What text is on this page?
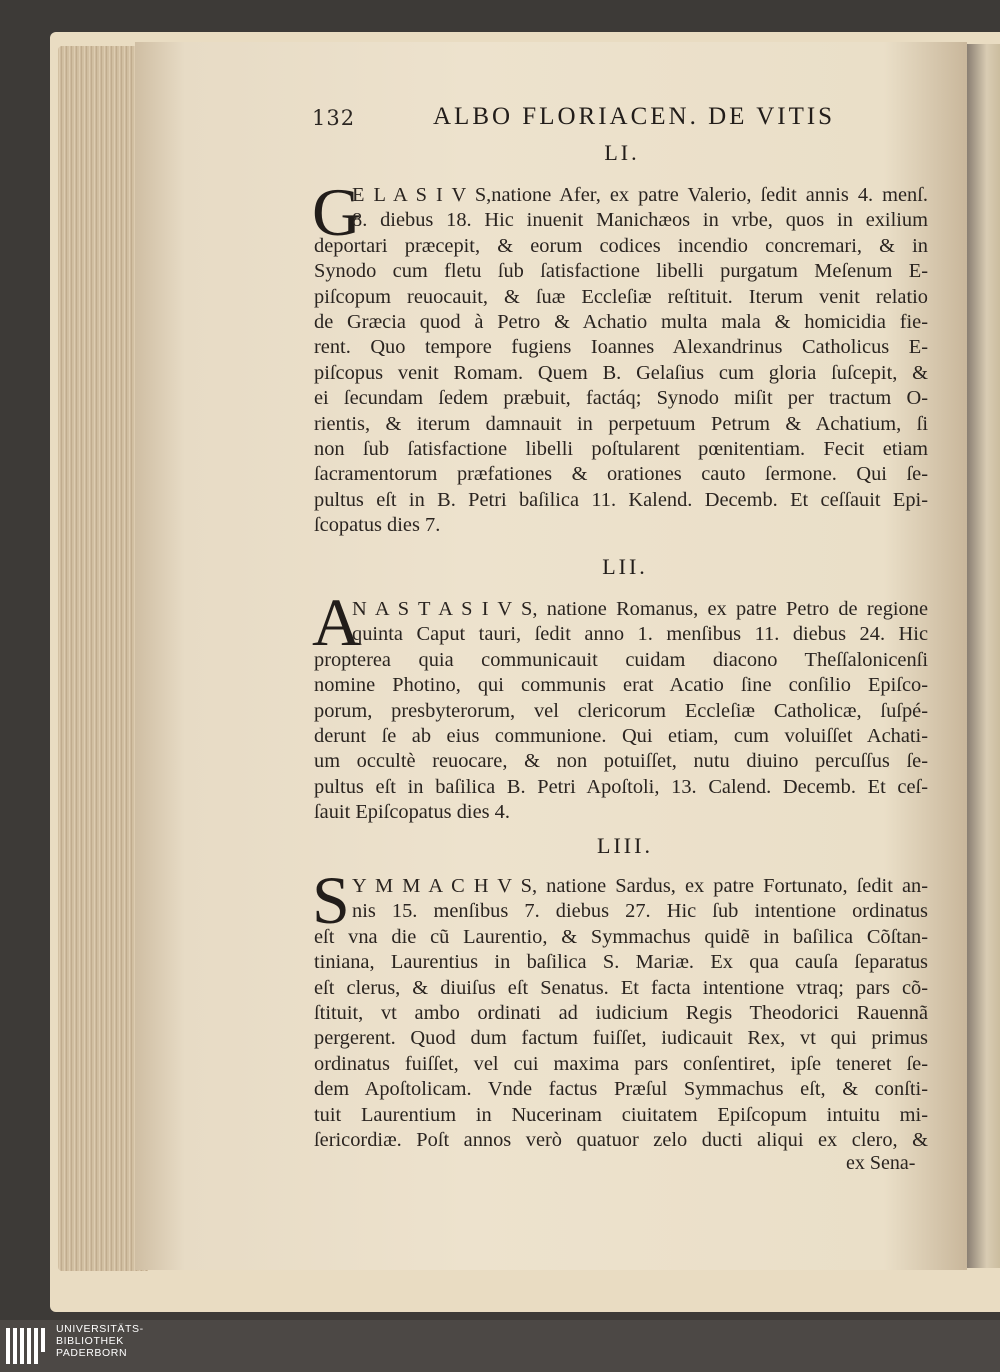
132	ALBO FLORIACEN. DE VITIS
LI.
G
E L A S I V S,natione Afer, ex patre Valerio, ſedit annis 4. menſ.
8. diebus 18. Hic inuenit Manichæos in vrbe, quos in exilium
deportari præcepit, & eorum codices incendio concremari, & in
Synodo cum fletu ſub ſatisfactione libelli purgatum Meſenum E-
piſcopum reuocauit, & ſuæ Eccleſiæ reſtituit. Iterum venit relatio
de Græcia quod à Petro & Achatio multa mala & homicidia fie-
rent. Quo tempore fugiens Ioannes Alexandrinus Catholicus E-
piſcopus venit Romam. Quem B. Gelaſius cum gloria ſuſcepit, &
ei ſecundam ſedem præbuit, factáq; Synodo miſit per tractum O-
rientis, & iterum damnauit in perpetuum Petrum & Achatium, ſi
non ſub ſatisfactione libelli poſtularent pœnitentiam. Fecit etiam
ſacramentorum præfationes & orationes cauto ſermone. Qui ſe-
pultus eſt in B. Petri baſilica 11. Kalend. Decemb. Et ceſſauit Epi-
ſcopatus dies 7.
LII.
A
N A S T A S I V S, natione Romanus, ex patre Petro de regione
quinta Caput tauri, ſedit anno 1. menſibus 11. diebus 24. Hic
propterea quia communicauit cuidam diacono Theſſalonicenſi
nomine Photino, qui communis erat Acatio ſine conſilio Epiſco-
porum, presbyterorum, vel clericorum Eccleſiæ Catholicæ, ſuſpé-
derunt ſe ab eius communione. Qui etiam, cum voluiſſet Achati-
um occultè reuocare, & non potuiſſet, nutu diuino percuſſus ſe-
pultus eſt in baſilica B. Petri Apoſtoli, 13. Calend. Decemb. Et ceſ-
ſauit Epiſcopatus dies 4.
LIII.
S Y M M A C H V S, natione Sardus, ex patre Fortunato, ſedit an-
nis 15. menſibus 7. diebus 27. Hic ſub intentione ordinatus
eſt vna die cũ Laurentio, & Symmachus quidẽ in baſilica Cõſtan-
tiniana, Laurentius in baſilica S. Mariæ. Ex qua cauſa ſeparatus
eſt clerus, & diuiſus eſt Senatus. Et facta intentione vtraq; pars cõ-
ſtituit, vt ambo ordinati ad iudicium Regis Theodorici Rauennã
pergerent. Quod dum factum fuiſſet, iudicauit Rex, vt qui primus
ordinatus fuiſſet, vel cui maxima pars conſentiret, ipſe teneret ſe-
dem Apoſtolicam. Vnde factus Præſul Symmachus eſt, & conſti-
tuit Laurentium in Nucerinam ciuitatem Epiſcopum intuitu mi-
ſericordiæ. Poſt annos verò quatuor zelo ducti aliqui ex clero, &
ex Sena-
UNIVERSITÄTS-
BIBLIOTHEK
PADERBORN
